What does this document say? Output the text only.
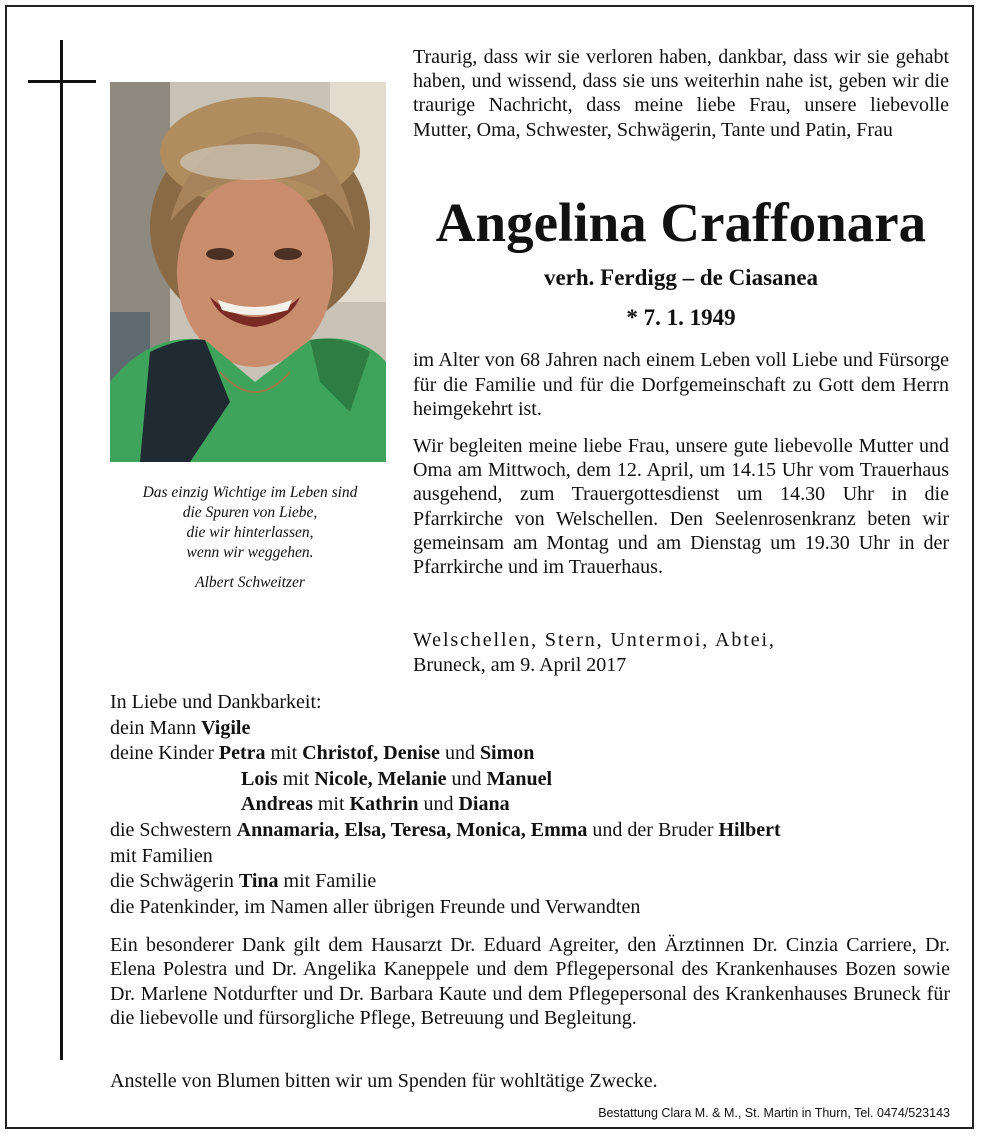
Das einzig Wichtige im Leben sind
die Spuren von Liebe,
die wir hinterlassen,
wenn wir weggehen.
Albert Schweitzer
Traurig, dass wir sie verloren haben, dankbar, dass wir sie gehabt haben, und wissend, dass sie uns weiterhin nahe ist, geben wir die traurige Nachricht, dass meine liebe Frau, unsere liebevolle Mutter, Oma, Schwester, Schwägerin, Tante und Patin, Frau
Angelina Craffonara
verh. Ferdigg – de Ciasanea
* 7. 1. 1949
im Alter von 68 Jahren nach einem Leben voll Liebe und Fürsorge für die Familie und für die Dorfgemeinschaft zu Gott dem Herrn heimgekehrt ist.
Wir begleiten meine liebe Frau, unsere gute liebevolle Mutter und Oma am Mittwoch, dem 12. April, um 14.15 Uhr vom Trauerhaus ausgehend, zum Trauergottesdienst um 14.30 Uhr in die Pfarrkirche von Welschellen. Den Seelenrosenkranz beten wir gemeinsam am Montag und am Dienstag um 19.30 Uhr in der Pfarrkirche und im Trauerhaus.
Welschellen, Stern, Untermoi, Abtei,
Bruneck, am 9. April 2017
In Liebe und Dankbarkeit:
dein Mann Vigile
deine Kinder Petra mit Christof, Denise und Simon
Lois mit Nicole, Melanie und Manuel
Andreas mit Kathrin und Diana
die Schwestern Annamaria, Elsa, Teresa, Monica, Emma und der Bruder Hilbert
mit Familien
die Schwägerin Tina mit Familie
die Patenkinder, im Namen aller übrigen Freunde und Verwandten
Ein besonderer Dank gilt dem Hausarzt Dr. Eduard Agreiter, den Ärztinnen Dr. Cinzia Carriere, Dr. Elena Polestra und Dr. Angelika Kaneppele und dem Pflegepersonal des Krankenhauses Bozen sowie Dr. Marlene Notdurfter und Dr. Barbara Kaute und dem Pflegepersonal des Krankenhauses Bruneck für die liebevolle und fürsorgliche Pflege, Betreuung und Begleitung.
Anstelle von Blumen bitten wir um Spenden für wohltätige Zwecke.
Bestattung Clara M. & M., St. Martin in Thurn, Tel. 0474/523143
